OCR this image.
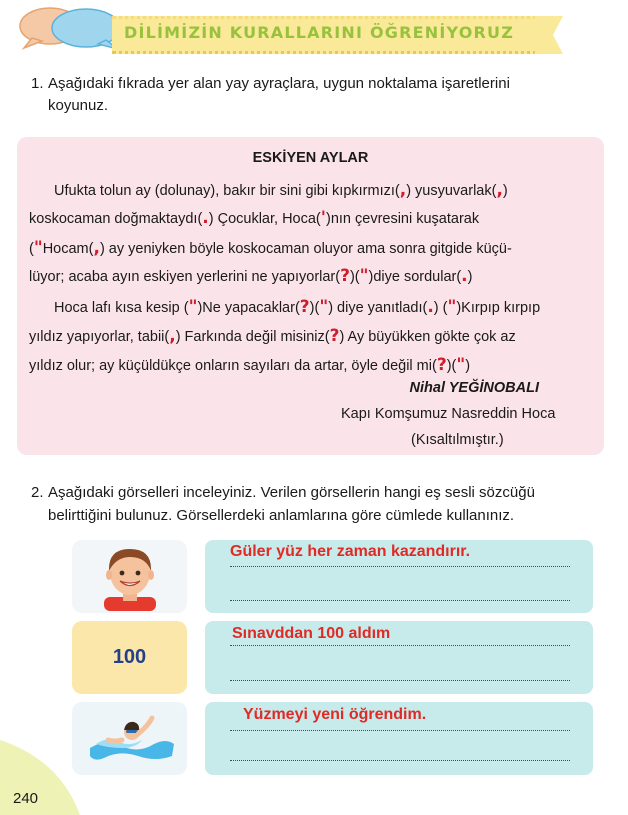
DİLİMİZİN KURALLARINI ÖĞRENİYORUZ
1. Aşağıdaki fıkrada yer alan yay ayraçlara, uygun noktalama işaretlerini
koyunuz.
ESKİYEN AYLAR
Ufukta tolun ay (dolunay), bakır bir sini gibi kıpkırmızı(,) yusyuvarlak(,)
koskocaman doğmaktaydı(.) Çocuklar, Hoca(')nın çevresini kuşatarak
("Hocam(,) ay yeniyken böyle koskocaman oluyor ama sonra gitgide küçü-
lüyor; acaba ayın eskiyen yerlerini ne yapıyorlar(?)(")diye sordular(.)
Hoca lafı kısa kesip (")Ne yapacaklar(?)(") diye yanıtladı(.) (")Kırpıp kırpıp
yıldız yapıyorlar, tabii(,) Farkında değil misiniz(?) Ay büyükken gökte çok az
yıldız olur; ay küçüldükçe onların sayıları da artar, öyle değil mi(?)(")
Nihal YEĞİNOBALI
Kapı Komşumuz Nasreddin Hoca
(Kısaltılmıştır.)
2. Aşağıdaki görselleri inceleyiniz. Verilen görsellerin hangi eş sesli sözcüğü
belirttiğini bulunuz. Görsellerdeki anlamlarına göre cümlede kullanınız.
Güler yüz her zaman kazandırır.
100
Sınavddan 100 aldım
Yüzmeyi yeni öğrendim.
240
